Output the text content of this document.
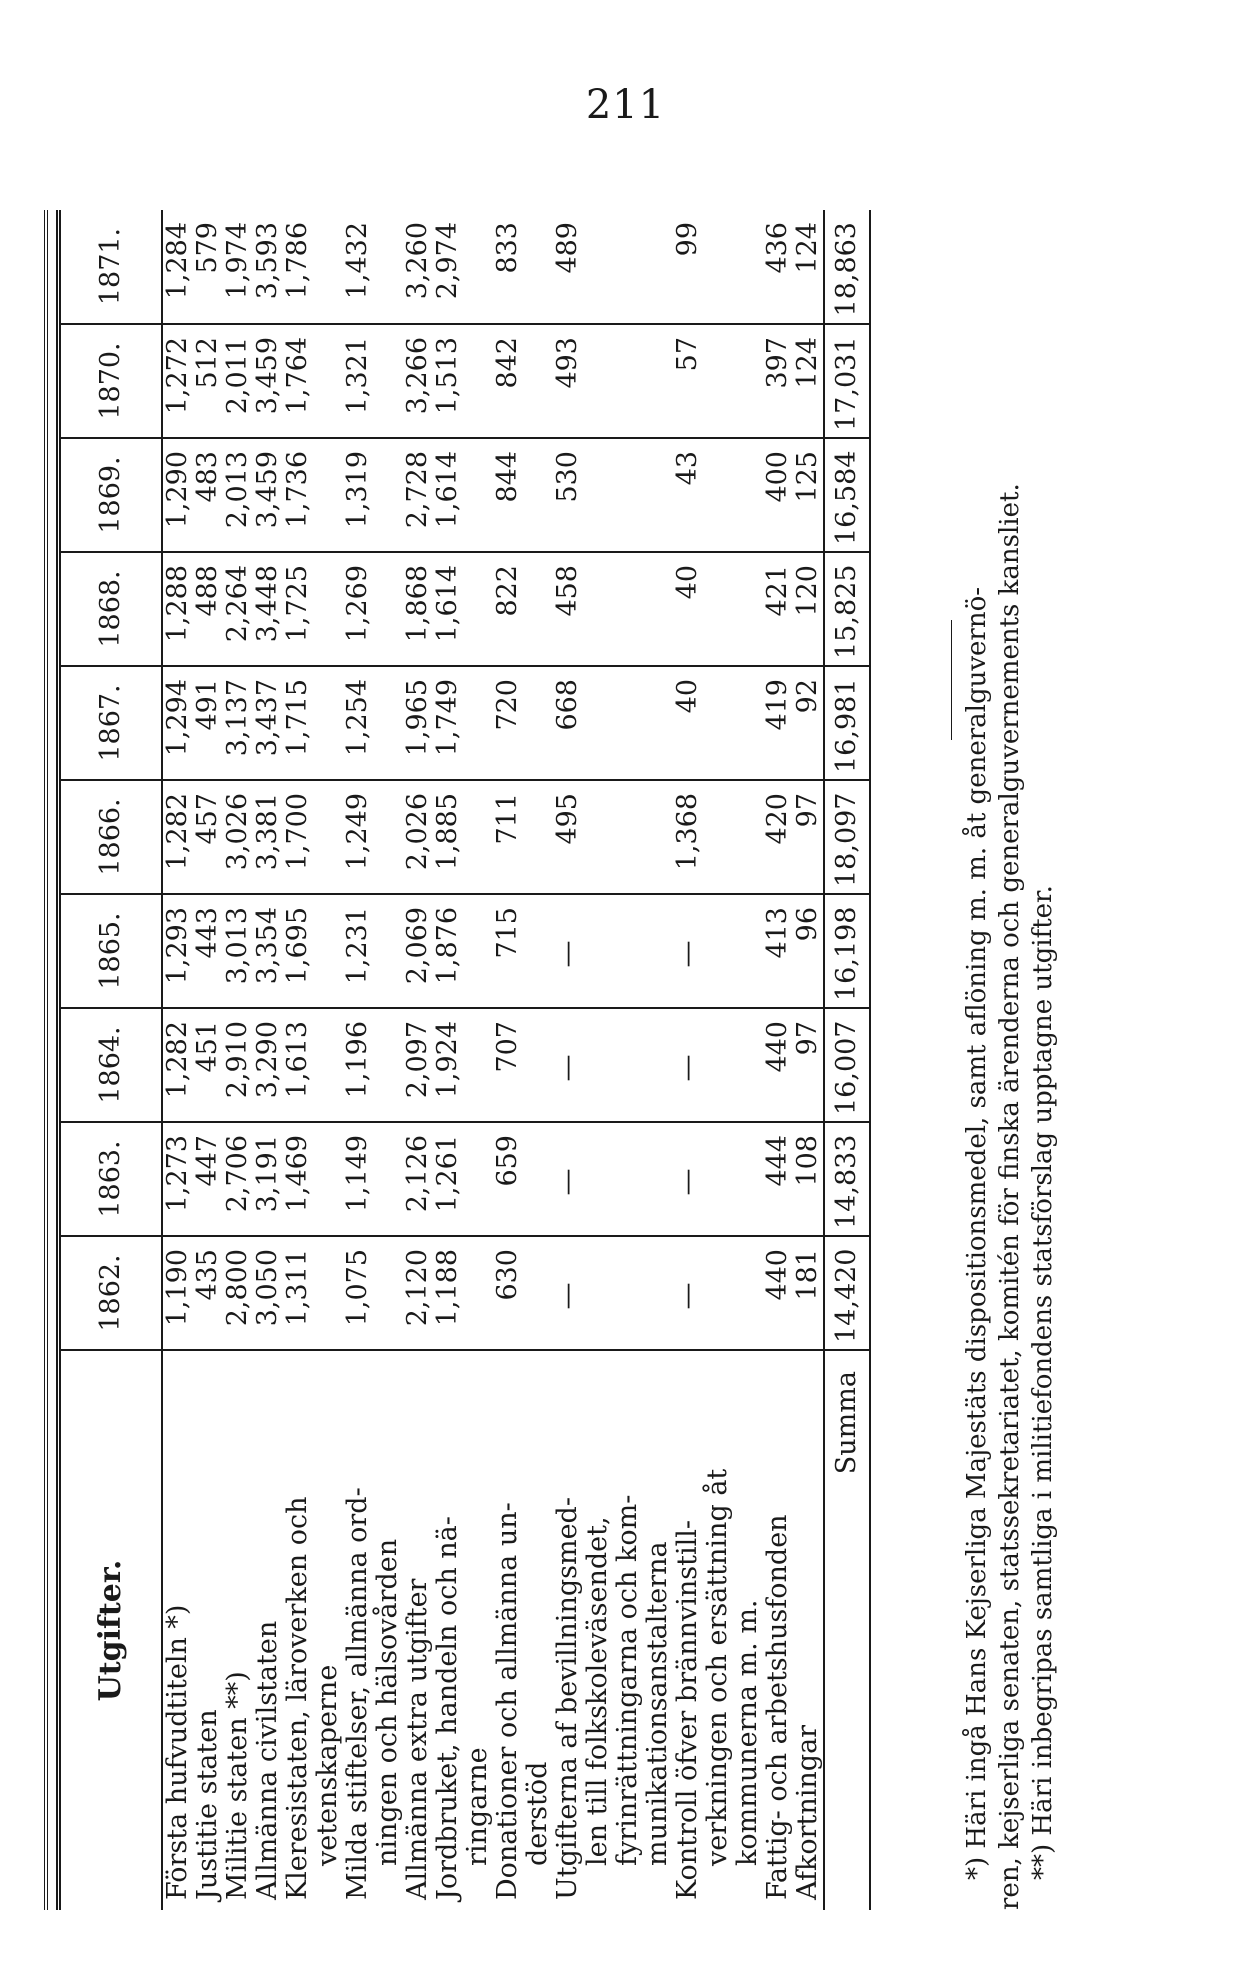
211
Utgifter.	1862.	1863.	1864.	1865.	1866.	1867.	1868.	1869.	1870.	1871.
Första hufvudtiteln *)	1,190	1,273	1,282	1,293	1,282	1,294	1,288	1,290	1,272	1,284
Justitie staten	435	447	451	443	457	491	488	483	512	579
Militie staten **)	2,800	2,706	2,910	3,013	3,026	3,137	2,264	2,013	2,011	1,974
Allmänna civilstaten	3,050	3,191	3,290	3,354	3,381	3,437	3,448	3,459	3,459	3,593
Kleresistaten, läroverken och vetenskaperne	1,311	1,469	1,613	1,695	1,700	1,715	1,725	1,736	1,764	1,786
Milda stiftelser, allmänna ord- ningen och hälsovården	1,075	1,149	1,196	1,231	1,249	1,254	1,269	1,319	1,321	1,432
Allmänna extra utgifter	2,120	2,126	2,097	2,069	2,026	1,965	1,868	2,728	3,266	3,260
Jordbruket, handeln och nä- ringarne	1,188	1,261	1,924	1,876	1,885	1,749	1,614	1,614	1,513	2,974
Donationer och allmänna un- derstöd	630	659	707	715	711	720	822	844	842	833
Utgifterna af bevillningsmed- len till folkskoleväsendet, fyrinrättningarna och kom- munikationsanstalterna	—	—	—	—	495	668	458	530	493	489
Kontroll öfver brännvinstill- verkningen och ersättning åt kommunerna m. m.	—	—	—	—	1,368	40	40	43	57	99
Fattig- och arbetshusfonden	440	444	440	413	420	419	421	400	397	436
Afkortningar	181	108	97	96	97	92	120	125	124	124
Summa	14,420	14,833	16,007	16,198	18,097	16,981	15,825	16,584	17,031	18,863

*) Häri ingå Hans Kejserliga Majestäts dispositionsmedel, samt aflöning m. m. åt generalguvernö- ren, kejserliga senaten, statssekretariatet, komitén för finska ärenderna och generalguvernements kansliet. **) Häri inbegripas samtliga i militiefondens statsförslag upptagne utgifter.
